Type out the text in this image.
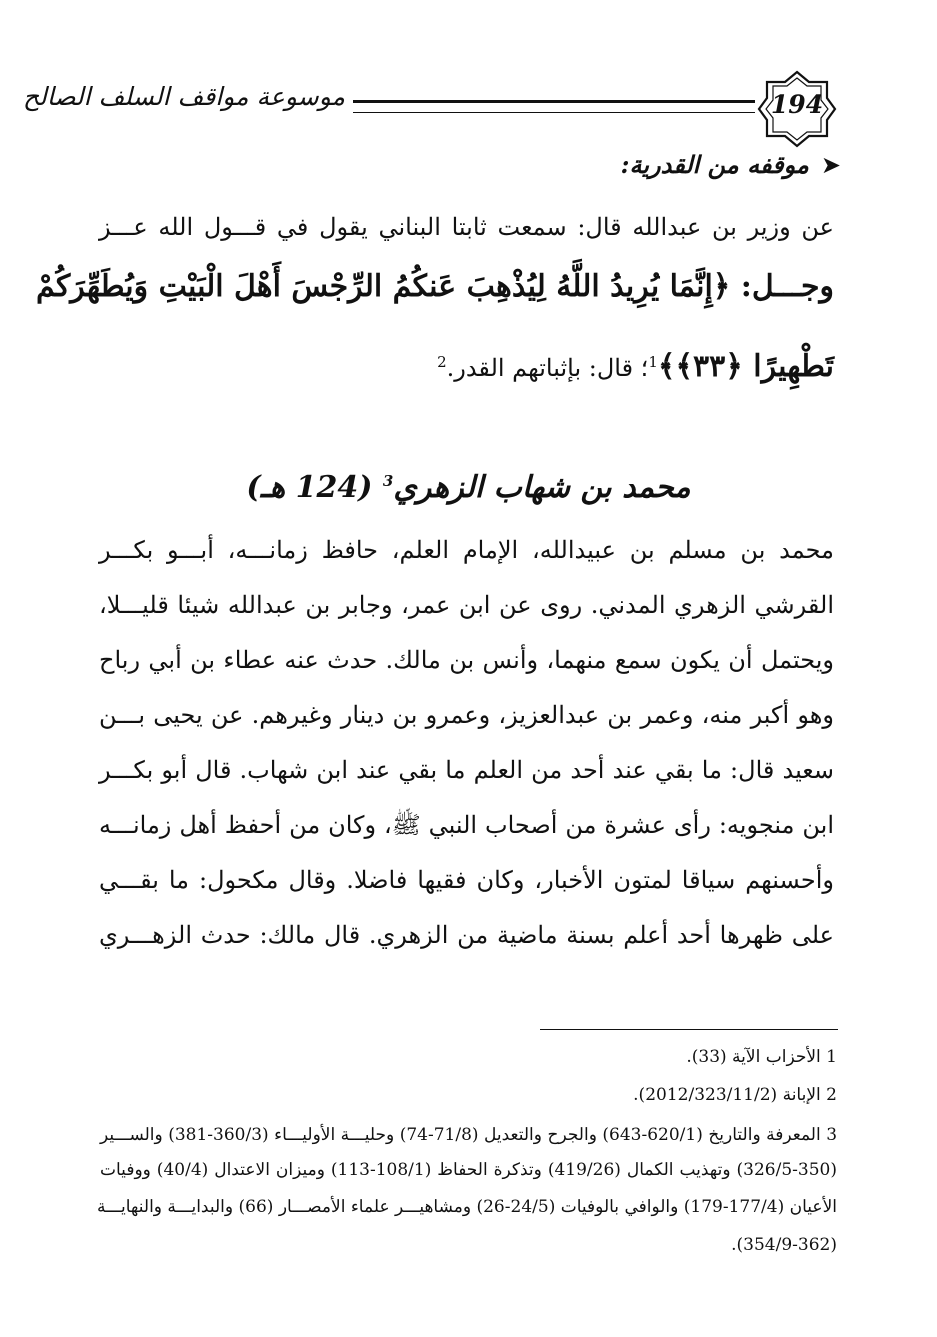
موسوعة مواقف السلف الصالح	194
➤موقفه من القدرية:
عن وزير بن عبدالله قال: سمعت ثابتا البناني يقول في قـــول الله عـــز
وجـــل: ﴿إِنَّمَا يُرِيدُ اللَّهُ لِيُذْهِبَ عَنكُمُ الرِّجْسَ أَهْلَ الْبَيْتِ وَيُطَهِّرَكُمْ
تَطْهِيرًا ﴿٣٣﴾﴾$^1$؛ قال: بإثباتهم القدر.$^2$
محمد بن شهاب الزهري$^3$ (124 هـ)
محمد بن مسلم بن عبيدالله، الإمام العلم، حافظ زمانـــه، أبـــو بكـــر
القرشي الزهري المدني. روى عن ابن عمر، وجابر بن عبدالله شيئا قليـــلا،
ويحتمل أن يكون سمع منهما، وأنس بن مالك. حدث عنه عطاء بن أبي رباح
وهو أكبر منه، وعمر بن عبدالعزيز، وعمرو بن دينار وغيرهم. عن يحيى بـــن
سعيد قال: ما بقي عند أحد من العلم ما بقي عند ابن شهاب. قال أبو بكـــر
ابن منجويه: رأى عشرة من أصحاب النبي ﷺ، وكان من أحفظ أهل زمانـــه
وأحسنهم سياقا لمتون الأخبار، وكان فقيها فاضلا. وقال مكحول: ما بقـــي
على ظهرها أحد أعلم بسنة ماضية من الزهري. قال مالك: حدث الزهـــري
1 الأحزاب الآية (33).
2 الإبانة (2012/323/11/2).
3 المعرفة والتاريخ (620/1-643) والجرح والتعديل (71/8-74) وحليـــة الأوليـــاء (360/3-381) والســـير
(326/5-350) وتهذيب الكمال (419/26) وتذكرة الحفاظ (108/1-113) وميزان الاعتدال (40/4) ووفيات
الأعيان (177/4-179) والوافي بالوفيات (24/5-26) ومشاهيـــر علماء الأمصـــار (66) والبدايـــة والنهايـــة
(354/9-362).
